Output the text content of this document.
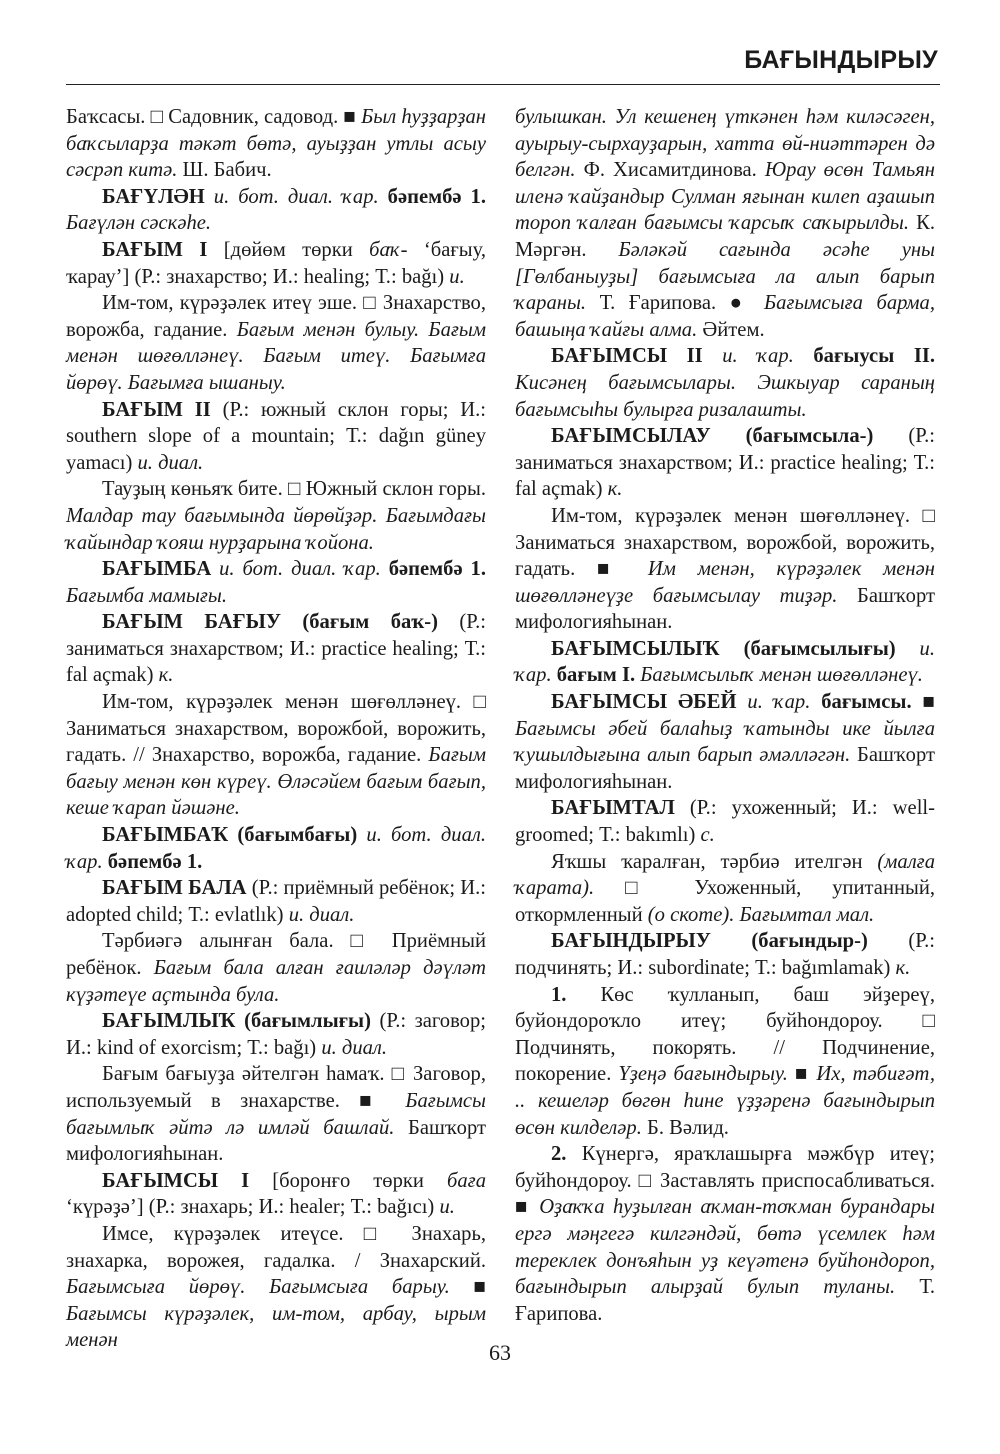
БАҒЫНДЫРЫУ

Баҡсасы. □ Садовник, садовод. ■ Был һуҙҙарҙан баҡсыларҙа тәкәт бөтә, ауыҙҙан утлы асыу сәсрәп китә. Ш. Бабич.

БАҒҮЛӘН и. бот. диал. ҡар. бәпембә 1. Бағүлән сәскәһе.

БАҒЫМ I [дөйөм төрки баҡ- ‘бағыу, ҡарау’] (Р.: знахарство; И.: healing; Т.: bağı) и.

Им-том, күрәҙәлек итеү эше. □ Знахарство, ворожба, гадание. Бағым менән булыу. Бағым менән шөғөлләнеү. Бағым итеү. Бағымға йөрөү. Бағымға ышаныу.

БАҒЫМ II (Р.: южный склон горы; И.: southern slope of a mountain; Т.: dağın güney yamacı) и. диал.

Тауҙың көньяҡ бите. □ Южный склон горы. Малдар тау бағымында йөрөйҙәр. Бағымдағы ҡайындар ҡояш нурҙарына ҡойона.

БАҒЫМБА и. бот. диал. ҡар. бәпембә 1. Бағымба мамығы.

БАҒЫМ БАҒЫУ (бағым баҡ-) (Р.: заниматься знахарством; И.: practice healing; Т.: fal açmak) к.

Им-том, күрәҙәлек менән шөғөлләнеү. □ Заниматься знахарством, ворожбой, ворожить, гадать. // Знахарство, ворожба, гадание. Бағым бағыу менән көн күреү. Өләсәйем бағым бағып, кеше ҡарап йәшәне.

БАҒЫМБАҠ (бағымбағы) и. бот. диал. ҡар. бәпембә 1.

БАҒЫМ БАЛА (Р.: приёмный ребёнок; И.: adopted child; Т.: evlatlık) и. диал.

Тәрбиәгә алынған бала. □ Приёмный ребёнок. Бағым бала алған ғаиләләр дәүләт күҙәтеүе аҫтында була.

БАҒЫМЛЫҠ (бағымлығы) (Р.: заговор; И.: kind of exorcism; Т.: bağı) и. диал.

Бағым бағыуҙа әйтелгән һамаҡ. □ Заговор, используемый в знахарстве. ■ Бағымсы бағымлыҡ әйтә лә имләй башлай. Башҡорт мифологияһынан.

БАҒЫМСЫ I [боронғо төрки баға ‘күрәҙә’] (Р.: знахарь; И.: healer; Т.: bağıcı) и.

Имсе, күрәҙәлек итеүсе. □ Знахарь, знахарка, ворожея, гадалка. / Знахарский. Бағымсыға йөрөү. Бағымсыға барыу. ■ Бағымсы күрәҙәлек, им-том, арбау, ырым менән

булышкан. Ул кешенең үткәнен һәм киләсәген, ауырыу-сырхауҙарын, хатта өй-ниәттәрен дә белгән. Ф. Хисамитдинова. Юрау өсөн Тамьян иленә ҡайҙандыр Сулман яғынан килеп аҙашып тороп ҡалған бағымсы ҡарсыҡ саҡырылды. К. Мәргән. Бәләкәй сағында әсәһе уны [Гөлбаныуҙы] бағымсыға ла алып барып ҡараны. Т. Ғарипова. ● Бағымсыға барма, башыңа ҡайғы алма. Әйтем.

БАҒЫМСЫ II и. ҡар. бағыусы II. Кисәнең бағымсылары. Эшкыуар сараның бағымсыһы булырға ризалашты.

БАҒЫМСЫЛАУ (бағымсыла-) (Р.: заниматься знахарством; И.: practice healing; Т.: fal açmak) к.

Им-том, күрәҙәлек менән шөғөлләнеү. □ Заниматься знахарством, ворожбой, ворожить, гадать. ■ Им менән, күрәҙәлек менән шөғөлләнеүҙе бағымсылау тиҙәр. Башҡорт мифологияһынан.

БАҒЫМСЫЛЫҠ (бағымсылығы) и. ҡар. бағым I. Бағымсылыҡ менән шөғөлләнеү.

БАҒЫМСЫ ӘБЕЙ и. ҡар. бағымсы. ■ Бағымсы әбей балаһыҙ ҡатынды ике йылға ҡушылдығына алып барып әмәлләгән. Башҡорт мифологияһынан.

БАҒЫМТАЛ (Р.: ухоженный; И.: well-groomed; Т.: bakımlı) с.

Яҡшы ҡаралған, тәрбиә ителгән (малға ҡарата). □ Ухоженный, упитанный, откормленный (о скоте). Бағымтал мал.

БАҒЫНДЫРЫУ (бағындыр-) (Р.: подчинять; И.: subordinate; Т.: bağımlamak) к.

1. Көс ҡулланып, баш эйҙереү, буйондороҡло итеү; буйһондороу. □ Подчинять, покорять. // Подчинение, покорение. Үҙеңә бағындырыу. ■ Их, тәбиғәт, .. кешеләр бөгөн һине үҙҙәренә бағындырып өсөн килделәр. Б. Вәлид.

2. Күнергә, яраҡлашырға мәжбүр итеү; буйһондороу. □ Заставлять приспосабливаться. ■ Оҙаҡҡа һуҙылған аҡман-тоҡман бурандары ергә мәңгегә килгәндәй, бөтә үсемлек һәм тереклек донъяһын уҙ кеүәтенә буйһондороп, бағындырып алырҙай булып туланы. Т. Ғарипова.

63
